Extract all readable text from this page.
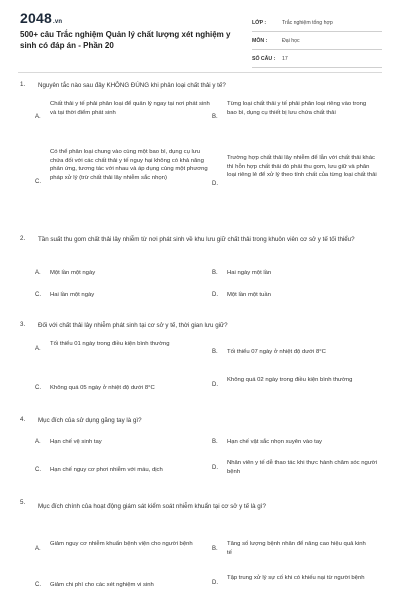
2048.vn
500+ câu Trắc nghiệm Quản lý chất lượng xét nghiệm y sinh có đáp án - Phần 20
LỚP :	Trắc nghiệm tổng hợp
MÔN :	Đại học
SỐ CÂU :	17
1. Nguyên tắc nào sau đây KHÔNG ĐÚNG khi phân loại chất thải y tế?
A.
Chất thải y tế phải phân loại để quản lý ngay tại nơi phát sinh và tại thời điểm phát sinh
B.
Từng loại chất thải y tế phải phân loại riêng vào trong bao bì, dụng cụ thiết bị lưu chứa chất thải
C.
Có thể phân loại chung vào cùng một bao bì, dụng cụ lưu chứa đối với các chất thải y tế nguy hại không có khả năng phản ứng, tương tác với nhau và áp dụng cùng một phương pháp xử lý (trừ chất thải lây nhiễm sắc nhọn)
D.
Trường hợp chất thải lây nhiễm để lẫn với chất thải khác thì hỗn hợp chất thải đó phải thu gom, lưu giữ và phân loại riêng lẻ để xử lý theo tính chất của từng loại chất thải
2. Tần suất thu gom chất thải lây nhiễm từ nơi phát sinh về khu lưu giữ chất thải trong khuôn viên cơ sở y tế tối thiểu?
A. Một lần một ngày	B. Hai ngày một lần
C. Hai lần một ngày	D. Một lần một tuần
3. Đối với chất thải lây nhiễm phát sinh tại cơ sở y tế, thời gian lưu giữ?
A.
Tối thiểu 01 ngày trong điều kiện bình thường
B. Tối thiểu 07 ngày ở nhiệt độ dưới 8°C
C. Không quá 05 ngày ở nhiệt độ dưới 8°C	D.
Không quá 02 ngày trong điều kiện bình thường
4. Mục đích của sử dụng găng tay là gì?
A. Hạn chế vệ sinh tay	B. Hạn chế vật sắc nhọn xuyên vào tay
C. Hạn chế nguy cơ phơi nhiễm với máu, dịch	D.
Nhân viên y tế dễ thao tác khi thực hành chăm sóc người bệnh
5.
Mục đích chính của hoạt động giám sát kiểm soát nhiễm khuẩn tại cơ sở y tế là gì?
A.
Giảm nguy cơ nhiễm khuẩn bệnh viện cho người bệnh
B.
Tăng số lượng bệnh nhân để nâng cao hiệu quả kinh tế
C. Giảm chi phí cho các xét nghiệm vi sinh	D.
Tập trung xử lý sự cố khi có khiếu nại từ người bệnh
